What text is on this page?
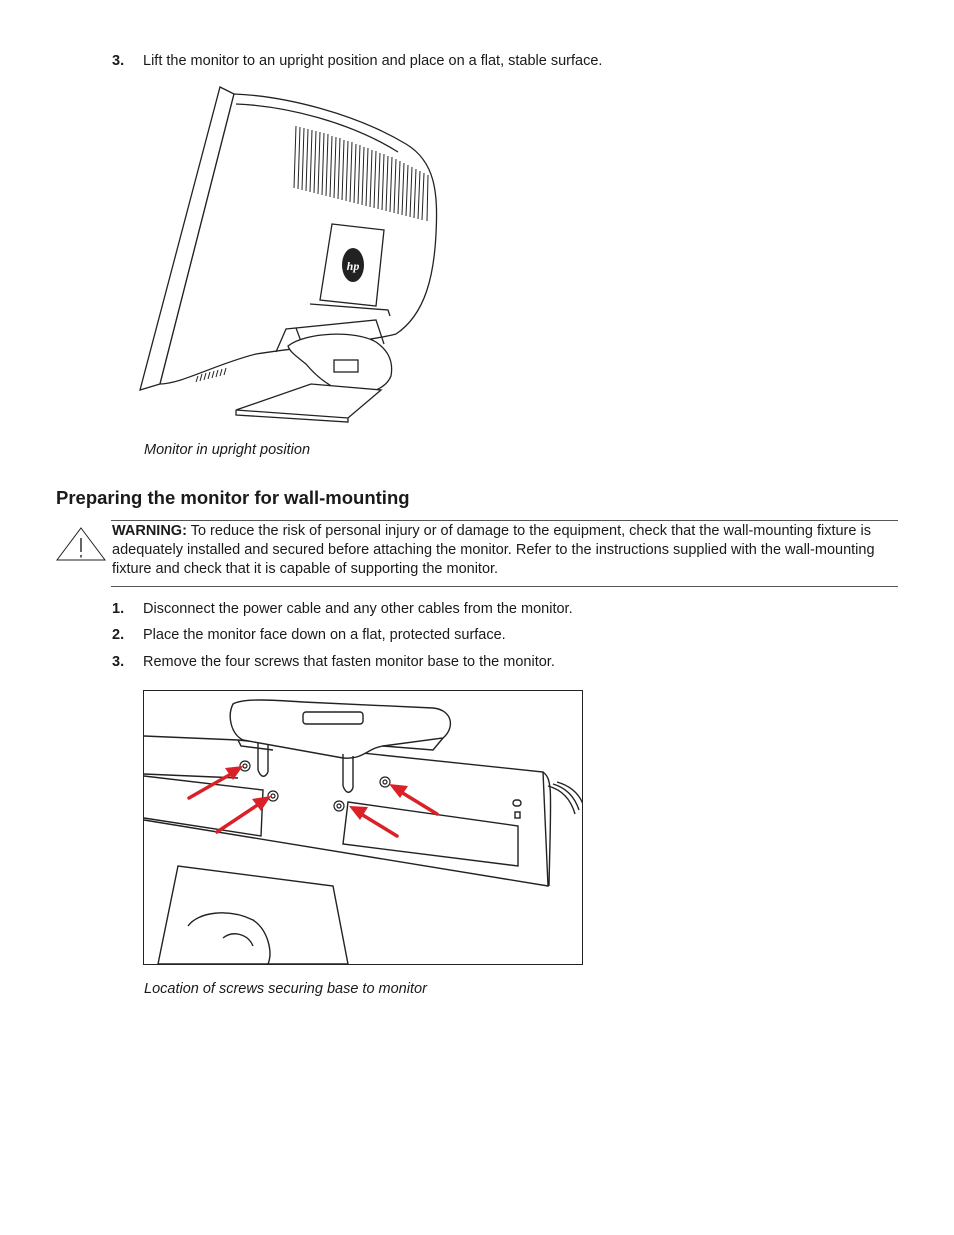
3. Lift the monitor to an upright position and place on a flat, stable surface.
hp
Monitor in upright position
Preparing the monitor for wall-mounting
WARNING: To reduce the risk of personal injury or of damage to the equipment, check that the wall-mounting fixture is adequately installed and secured before attaching the monitor. Refer to the instructions supplied with the wall-mounting fixture and check that it is capable of supporting the monitor.
1. Disconnect the power cable and any other cables from the monitor.
2. Place the monitor face down on a flat, protected surface.
3. Remove the four screws that fasten monitor base to the monitor.
Location of screws securing base to monitor
